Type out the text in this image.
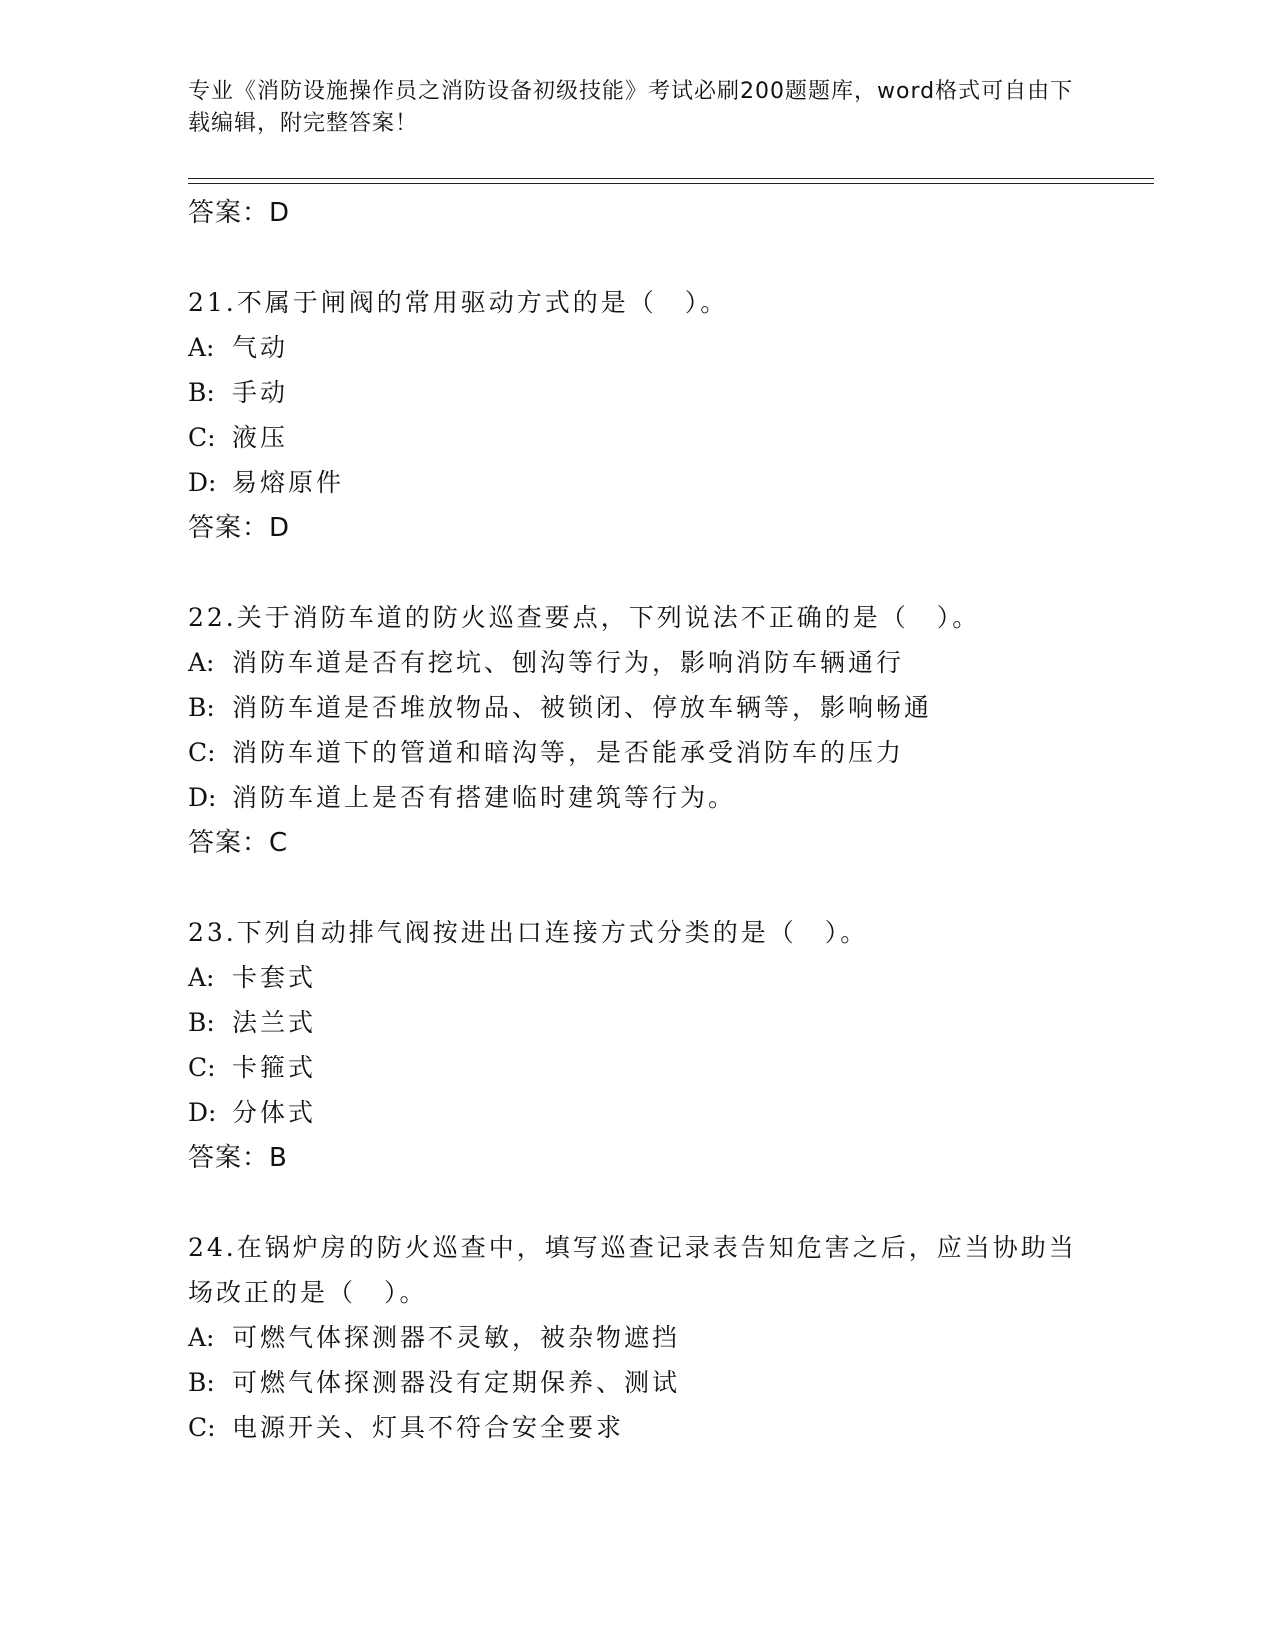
专业《消防设施操作员之消防设备初级技能》考试必刷200题题库，word格式可自由下载编辑，附完整答案！
答案：D
21.不属于闸阀的常用驱动方式的是（　）。
A: 气动
B: 手动
C: 液压
D: 易熔原件
答案：D
22.关于消防车道的防火巡查要点，下列说法不正确的是（　）。
A: 消防车道是否有挖坑、刨沟等行为，影响消防车辆通行
B: 消防车道是否堆放物品、被锁闭、停放车辆等，影响畅通
C: 消防车道下的管道和暗沟等，是否能承受消防车的压力
D: 消防车道上是否有搭建临时建筑等行为。
答案：C
23.下列自动排气阀按进出口连接方式分类的是（　）。
A: 卡套式
B: 法兰式
C: 卡箍式
D: 分体式
答案：B
24.在锅炉房的防火巡查中，填写巡查记录表告知危害之后，应当协助当场改正的是（　）。
A: 可燃气体探测器不灵敏，被杂物遮挡
B: 可燃气体探测器没有定期保养、测试
C: 电源开关、灯具不符合安全要求
